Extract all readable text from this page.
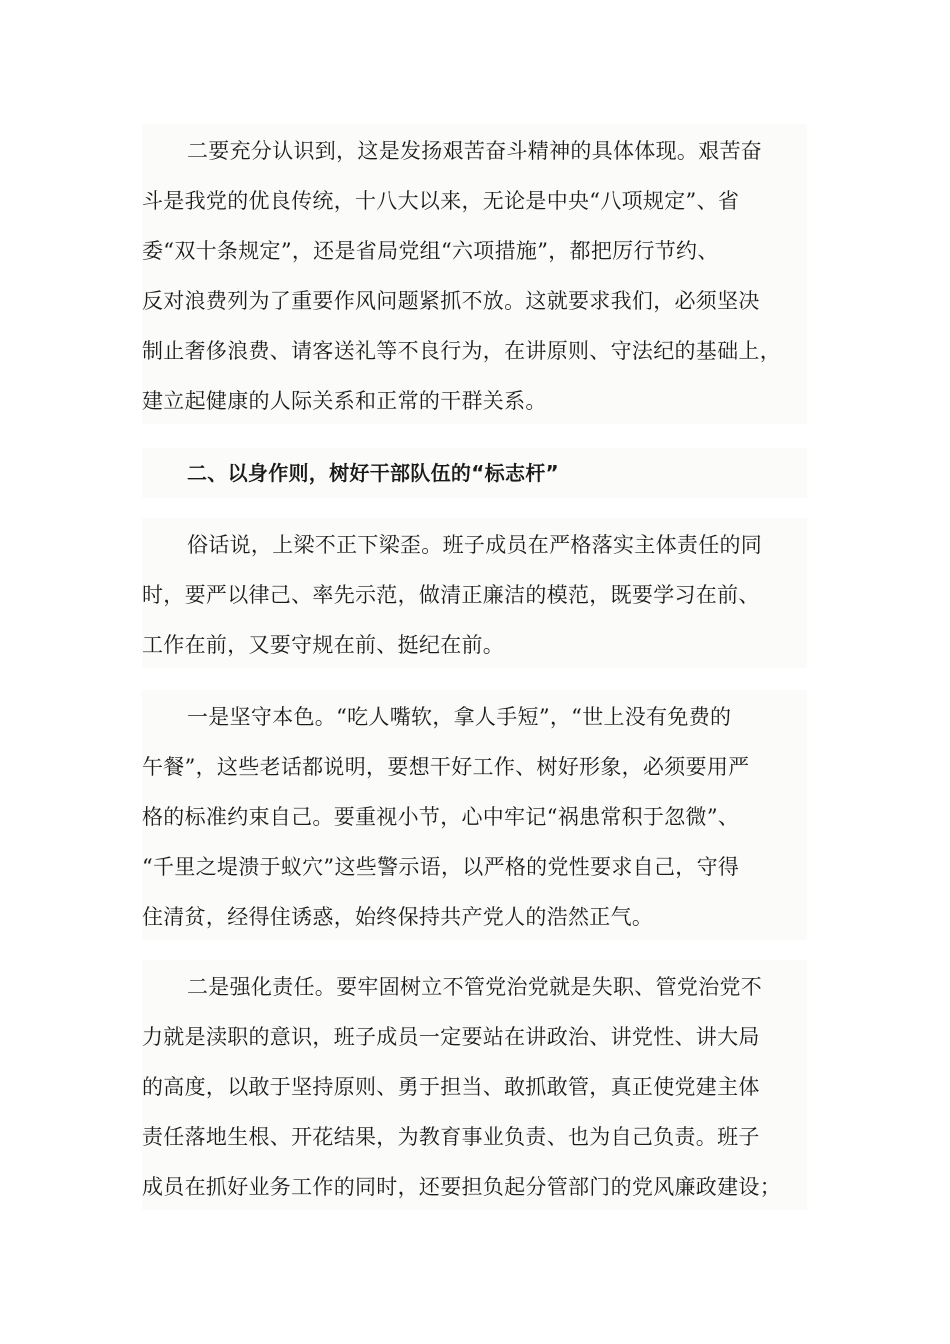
二要充分认识到，这是发扬艰苦奋斗精神的具体体现。艰苦奋
斗是我党的优良传统，十八大以来，无论是中央“八项规定”、省
委“双十条规定”，还是省局党组“六项措施”，都把厉行节约、
反对浪费列为了重要作风问题紧抓不放。这就要求我们，必须坚决
制止奢侈浪费、请客送礼等不良行为，在讲原则、守法纪的基础上，
建立起健康的人际关系和正常的干群关系。
二、以身作则，树好干部队伍的“标志杆”
俗话说，上梁不正下梁歪。班子成员在严格落实主体责任的同
时，要严以律己、率先示范，做清正廉洁的模范，既要学习在前、
工作在前，又要守规在前、挺纪在前。
一是坚守本色。“吃人嘴软，拿人手短”，“世上没有免费的
午餐”，这些老话都说明，要想干好工作、树好形象，必须要用严
格的标准约束自己。要重视小节，心中牢记“祸患常积于忽微”、
“千里之堤溃于蚁穴”这些警示语，以严格的党性要求自己，守得
住清贫，经得住诱惑，始终保持共产党人的浩然正气。
二是强化责任。要牢固树立不管党治党就是失职、管党治党不
力就是渎职的意识，班子成员一定要站在讲政治、讲党性、讲大局
的高度，以敢于坚持原则、勇于担当、敢抓敢管，真正使党建主体
责任落地生根、开花结果，为教育事业负责、也为自己负责。班子
成员在抓好业务工作的同时，还要担负起分管部门的党风廉政建设；
